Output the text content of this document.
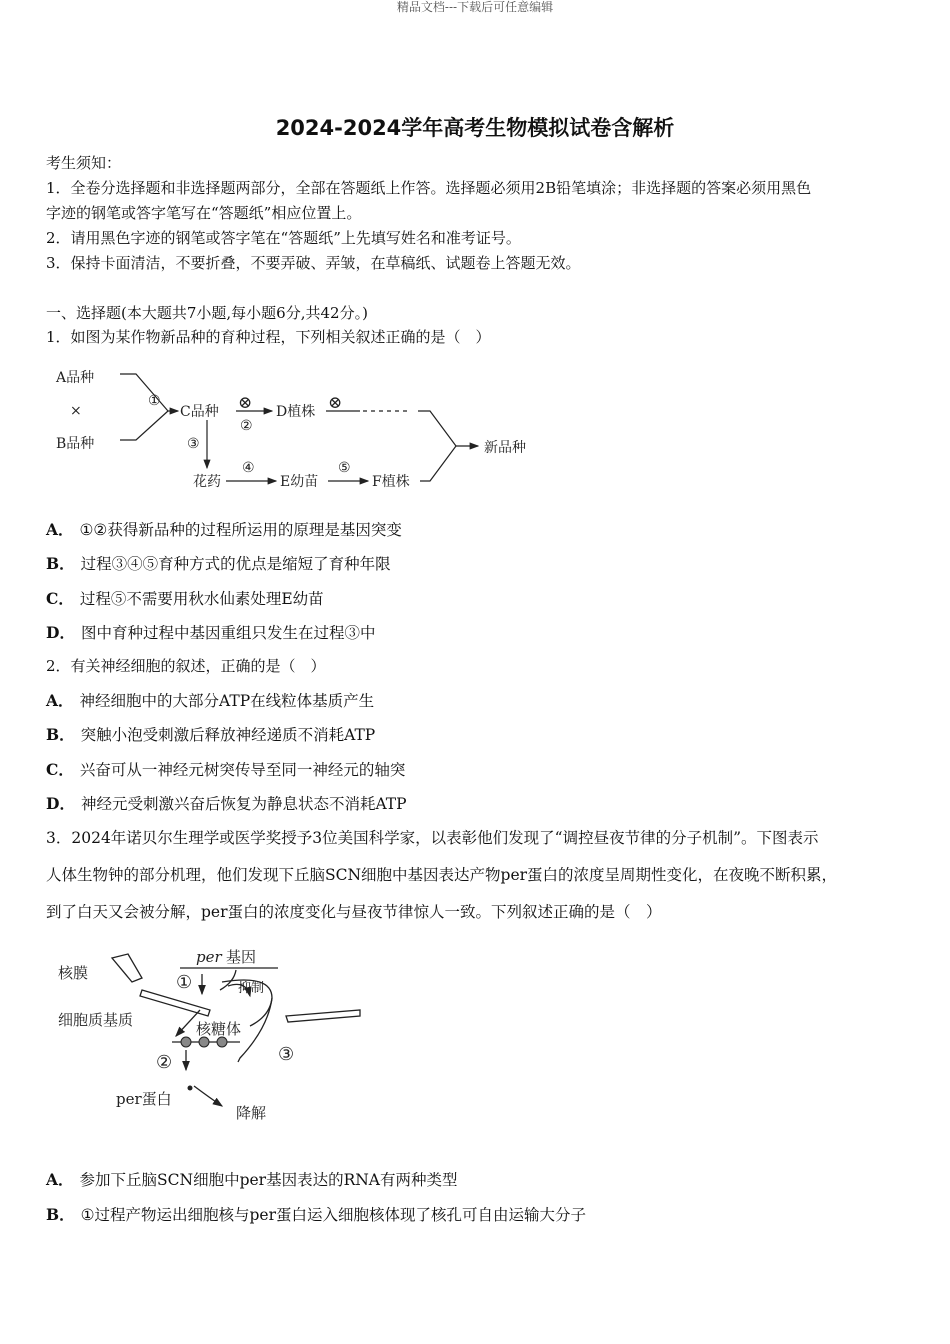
精品文档---下载后可任意编辑
2024-2024学年高考生物模拟试卷含解析
考生须知：
1．全卷分选择题和非选择题两部分，全部在答题纸上作答。选择题必须用2B铅笔填涂；非选择题的答案必须用黑色
字迹的钢笔或答字笔写在“答题纸”相应位置上。
2．请用黑色字迹的钢笔或答字笔在“答题纸”上先填写姓名和准考证号。
3．保持卡面清洁，不要折叠，不要弄破、弄皱，在草稿纸、试题卷上答题无效。
一、选择题(本大题共7小题,每小题6分,共42分。)
1．如图为某作物新品种的育种过程，下列相关叙述正确的是（　）
A品种
×
B品种
①
C品种 ⊗
②
D植株 ⊗
③
花药
④
E幼苗
⑤
F植株
新品种
A． ①②获得新品种的过程所运用的原理是基因突变
B． 过程③④⑤育种方式的优点是缩短了育种年限
C． 过程⑤不需要用秋水仙素处理E幼苗
D． 图中育种过程中基因重组只发生在过程③中
2．有关神经细胞的叙述，正确的是（　）
A． 神经细胞中的大部分ATP在线粒体基质产生
B． 突触小泡受刺激后释放神经递质不消耗ATP
C． 兴奋可从一神经元树突传导至同一神经元的轴突
D． 神经元受刺激兴奋后恢复为静息状态不消耗ATP
3．2024年诺贝尔生理学或医学奖授予3位美国科学家，以表彰他们发现了“调控昼夜节律的分子机制”。下图表示
人体生物钟的部分机理，他们发现下丘脑SCN细胞中基因表达产物per蛋白的浓度呈周期性变化，在夜晚不断积累，
到了白天又会被分解，per蛋白的浓度变化与昼夜节律惊人一致。下列叙述正确的是（　）
核膜
per 基因
①	抑制
细胞质基质	核糖体
②	③
per蛋白
降解
A． 参加下丘脑SCN细胞中per基因表达的RNA有两种类型
B． ①过程产物运出细胞核与per蛋白运入细胞核体现了核孔可自由运输大分子
